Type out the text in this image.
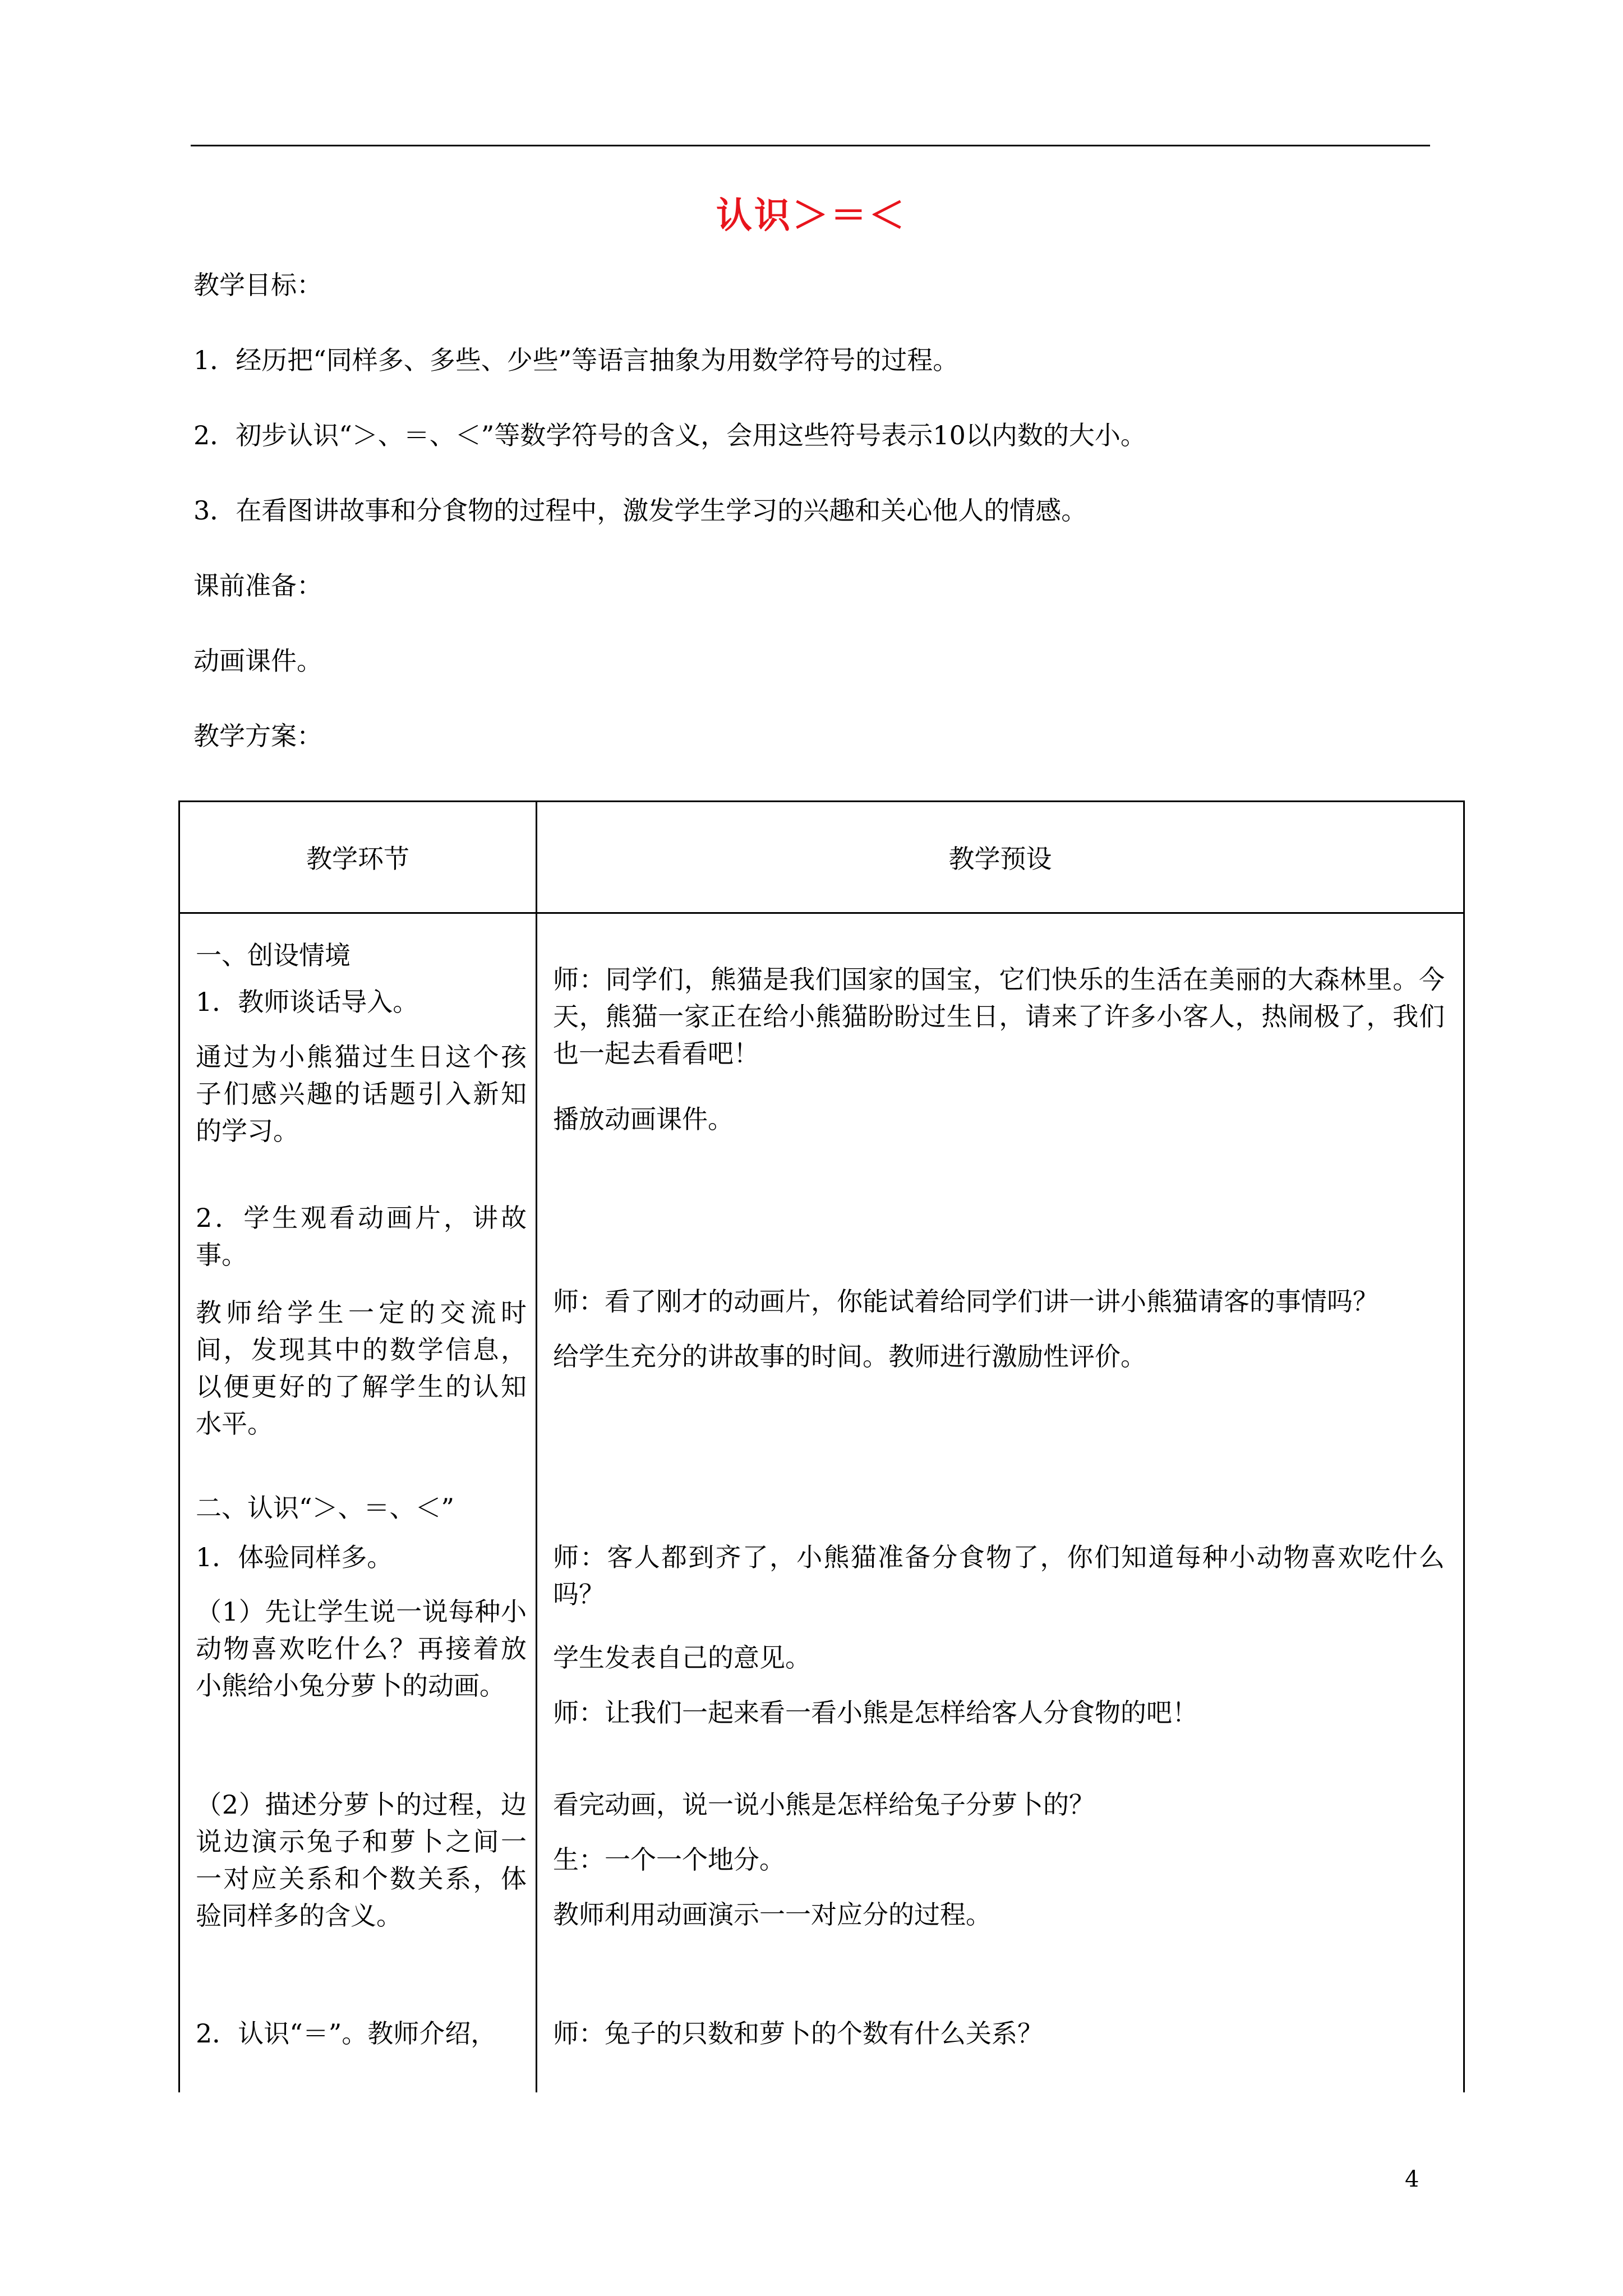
认识＞＝＜
教学目标：
1．经历把“同样多、多些、少些”等语言抽象为用数学符号的过程。
2．初步认识“＞、＝、＜”等数学符号的含义，会用这些符号表示10以内数的大小。
3．在看图讲故事和分食物的过程中，激发学生学习的兴趣和关心他人的情感。
课前准备：
动画课件。
教学方案：
教学环节	教学预设
一、创设情境
1．教师谈话导入。
通过为小熊猫过生日这个孩子们感兴趣的话题引入新知的学习。
2．学生观看动画片，讲故事。
教师给学生一定的交流时间，发现其中的数学信息，以便更好的了解学生的认知水平。
二、认识“＞、＝、＜”
1．体验同样多。
（1）先让学生说一说每种小动物喜欢吃什么？再接着放小熊给小兔分萝卜的动画。
（2）描述分萝卜的过程，边说边演示兔子和萝卜之间一一对应关系和个数关系，体验同样多的含义。
2．认识“＝”。教师介绍，
师：同学们，熊猫是我们国家的国宝，它们快乐的生活在美丽的大森林里。今天，熊猫一家正在给小熊猫盼盼过生日，请来了许多小客人，热闹极了，我们也一起去看看吧！
播放动画课件。
师：看了刚才的动画片，你能试着给同学们讲一讲小熊猫请客的事情吗？
给学生充分的讲故事的时间。教师进行激励性评价。
师：客人都到齐了，小熊猫准备分食物了，你们知道每种小动物喜欢吃什么吗？
学生发表自己的意见。
师：让我们一起来看一看小熊是怎样给客人分食物的吧！
看完动画，说一说小熊是怎样给兔子分萝卜的？
生：一个一个地分。
教师利用动画演示一一对应分的过程。
师：兔子的只数和萝卜的个数有什么关系？
4
